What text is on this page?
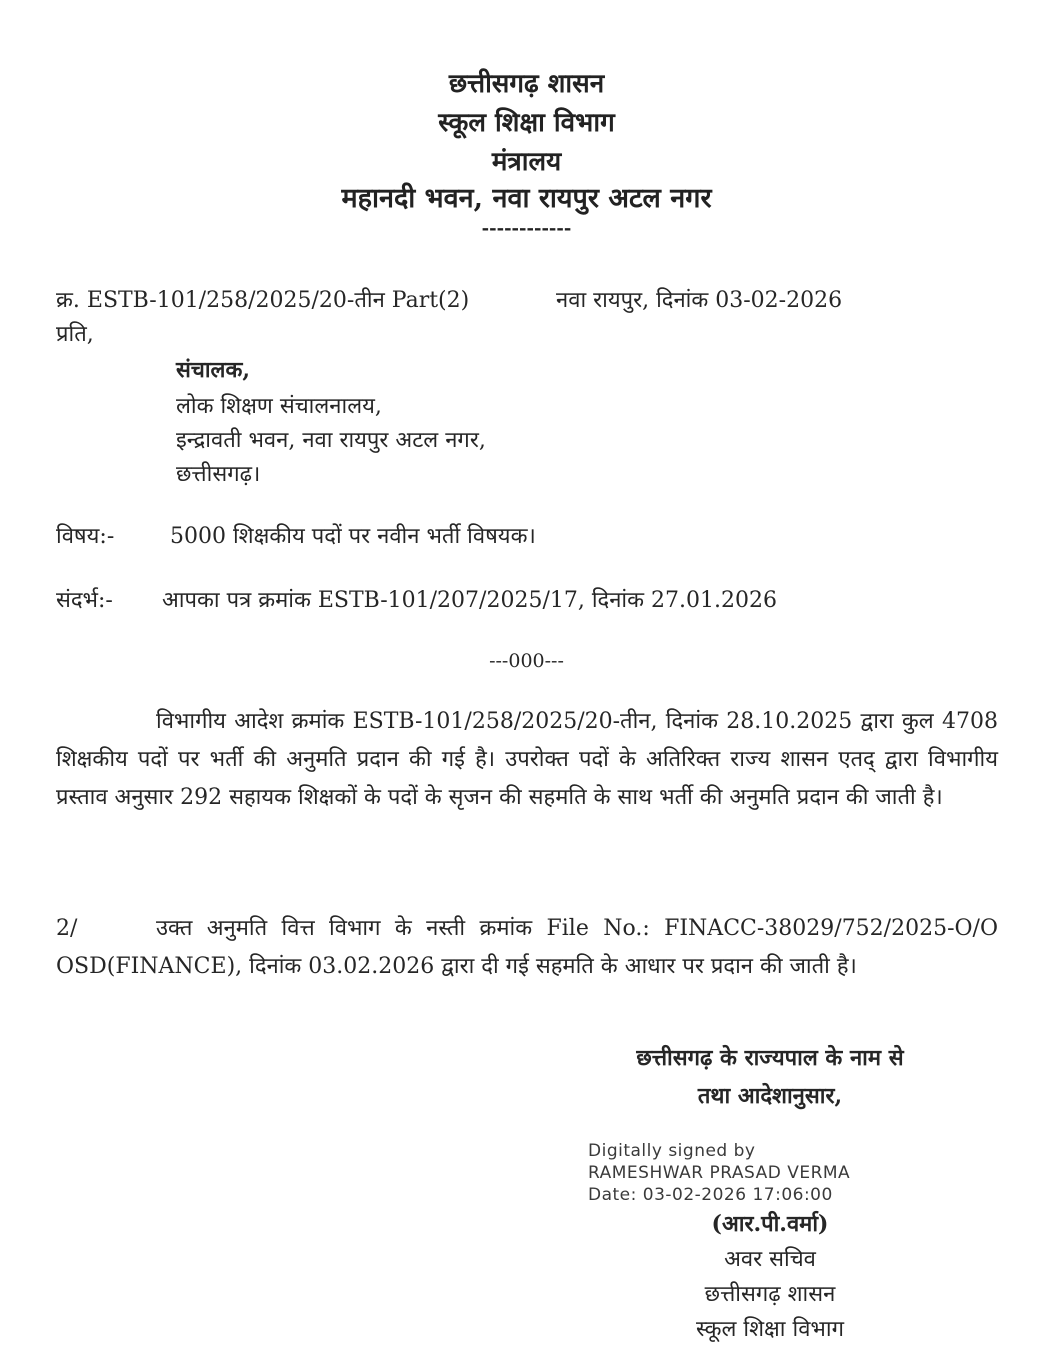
छत्तीसगढ़ शासन
स्कूल शिक्षा विभाग
मंत्रालय
महानदी भवन, नवा रायपुर अटल नगर
------------
क्र. ESTB-101/258/2025/20-तीन Part(2)	नवा रायपुर, दिनांक 03-02-2026
प्रति,
संचालक,
लोक शिक्षण संचालनालय,
इन्द्रावती भवन, नवा रायपुर अटल नगर,
छत्तीसगढ़।
विषय:-	5000 शिक्षकीय पदों पर नवीन भर्ती विषयक।
संदर्भ:- आपका पत्र क्रमांक ESTB-101/207/2025/17, दिनांक 27.01.2026
---000---
विभागीय आदेश क्रमांक ESTB-101/258/2025/20-तीन, दिनांक 28.10.2025 द्वारा कुल 4708 शिक्षकीय पदों पर भर्ती की अनुमति प्रदान की गई है। उपरोक्त पदों के अतिरिक्त राज्य शासन एतद् द्वारा विभागीय प्रस्ताव अनुसार 292 सहायक शिक्षकों के पदों के सृजन की सहमति के साथ भर्ती की अनुमति प्रदान की जाती है।
2/	उक्त अनुमति वित्त विभाग के नस्ती क्रमांक File No.: FINACC-38029/752/2025-O/O OSD(FINANCE), दिनांक 03.02.2026 द्वारा दी गई सहमति के आधार पर प्रदान की जाती है।
छत्तीसगढ़ के राज्यपाल के नाम से
तथा आदेशानुसार,
Digitally signed by
RAMESHWAR PRASAD VERMA
Date: 03-02-2026 17:06:00
(आर.पी.वर्मा)
अवर सचिव
छत्तीसगढ़ शासन
स्कूल शिक्षा विभाग
